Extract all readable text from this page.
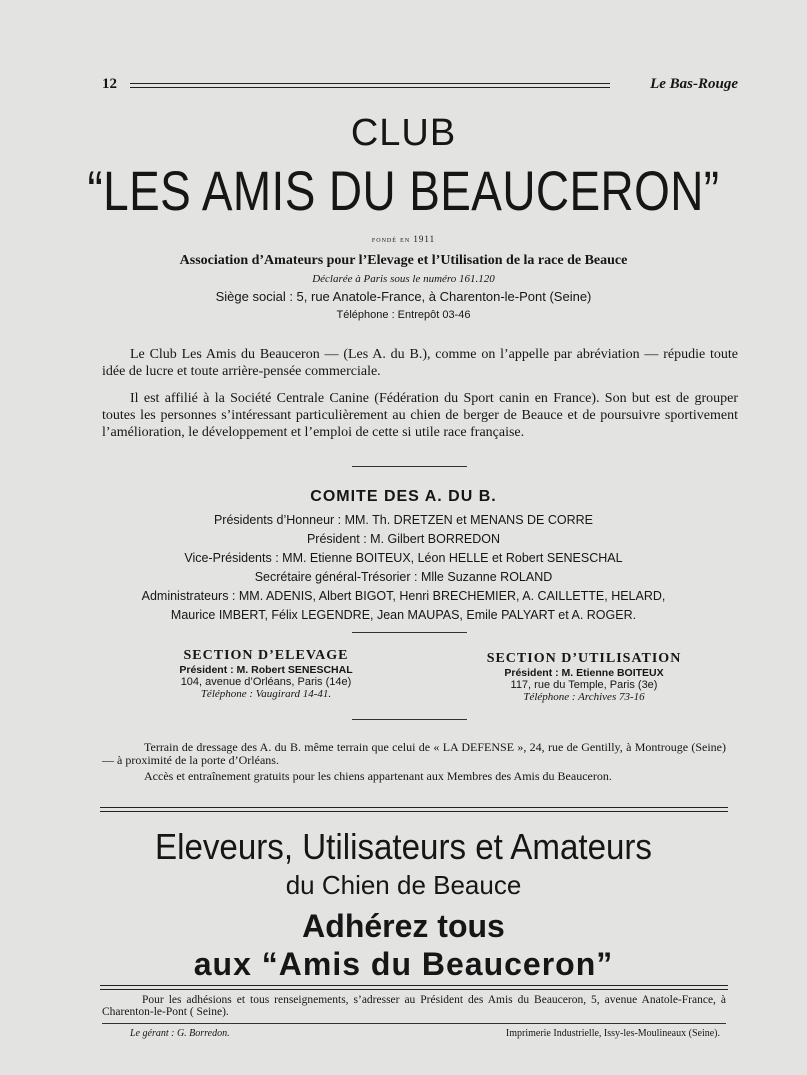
12	Le Bas-Rouge
CLUB
“LES AMIS DU BEAUCERON”
fondé en 1911
Association d’Amateurs pour l’Elevage et l’Utilisation de la race de Beauce
Déclarée à Paris sous le numéro 161.120
Siège social : 5, rue Anatole-France, à Charenton-le-Pont (Seine)
Téléphone : Entrepôt 03-46

Le Club Les Amis du Beauceron — (Les A. du B.), comme on l’appelle par abréviation — répudie toute idée de lucre et toute arrière-pensée commerciale.

Il est affilié à la Société Centrale Canine (Fédération du Sport canin en France). Son but est de grouper toutes les personnes s’intéressant particulièrement au chien de berger de Beauce et de poursuivre sportivement l’amélioration, le développement et l’emploi de cette si utile race française.

COMITE DES A. DU B.
Présidents d’Honneur : MM. Th. DRETZEN et MENANS DE CORRE
Président : M. Gilbert BORREDON
Vice-Présidents : MM. Etienne BOITEUX, Léon HELLE et Robert SENESCHAL
Secrétaire général-Trésorier : Mlle Suzanne ROLAND
Administrateurs : MM. ADENIS, Albert BIGOT, Henri BRECHEMIER, A. CAILLETTE, HELARD,
Maurice IMBERT, Félix LEGENDRE, Jean MAUPAS, Emile PALYART et A. ROGER.
SECTION D’ELEVAGE
Président : M. Robert SENESCHAL
104, avenue d’Orléans, Paris (14e)
Téléphone : Vaugirard 14-41.
SECTION D’UTILISATION
Président : M. Etienne BOITEUX
117, rue du Temple, Paris (3e)
Téléphone : Archives 73-16

Terrain de dressage des A. du B. même terrain que celui de « LA DEFENSE », 24, rue de Gentilly, à Montrouge (Seine) — à proximité de la porte d’Orléans.

Accès et entraînement gratuits pour les chiens appartenant aux Membres des Amis du Beauceron.

Eleveurs, Utilisateurs et Amateurs
du Chien de Beauce
Adhérez tous
aux “Amis du Beauceron”

Pour les adhésions et tous renseignements, s’adresser au Président des Amis du Beauceron, 5, avenue Anatole-France, à Charenton-le-Pont ( Seine).

Le gérant : G. Borredon.	Imprimerie Industrielle, Issy-les-Moulineaux (Seine).
